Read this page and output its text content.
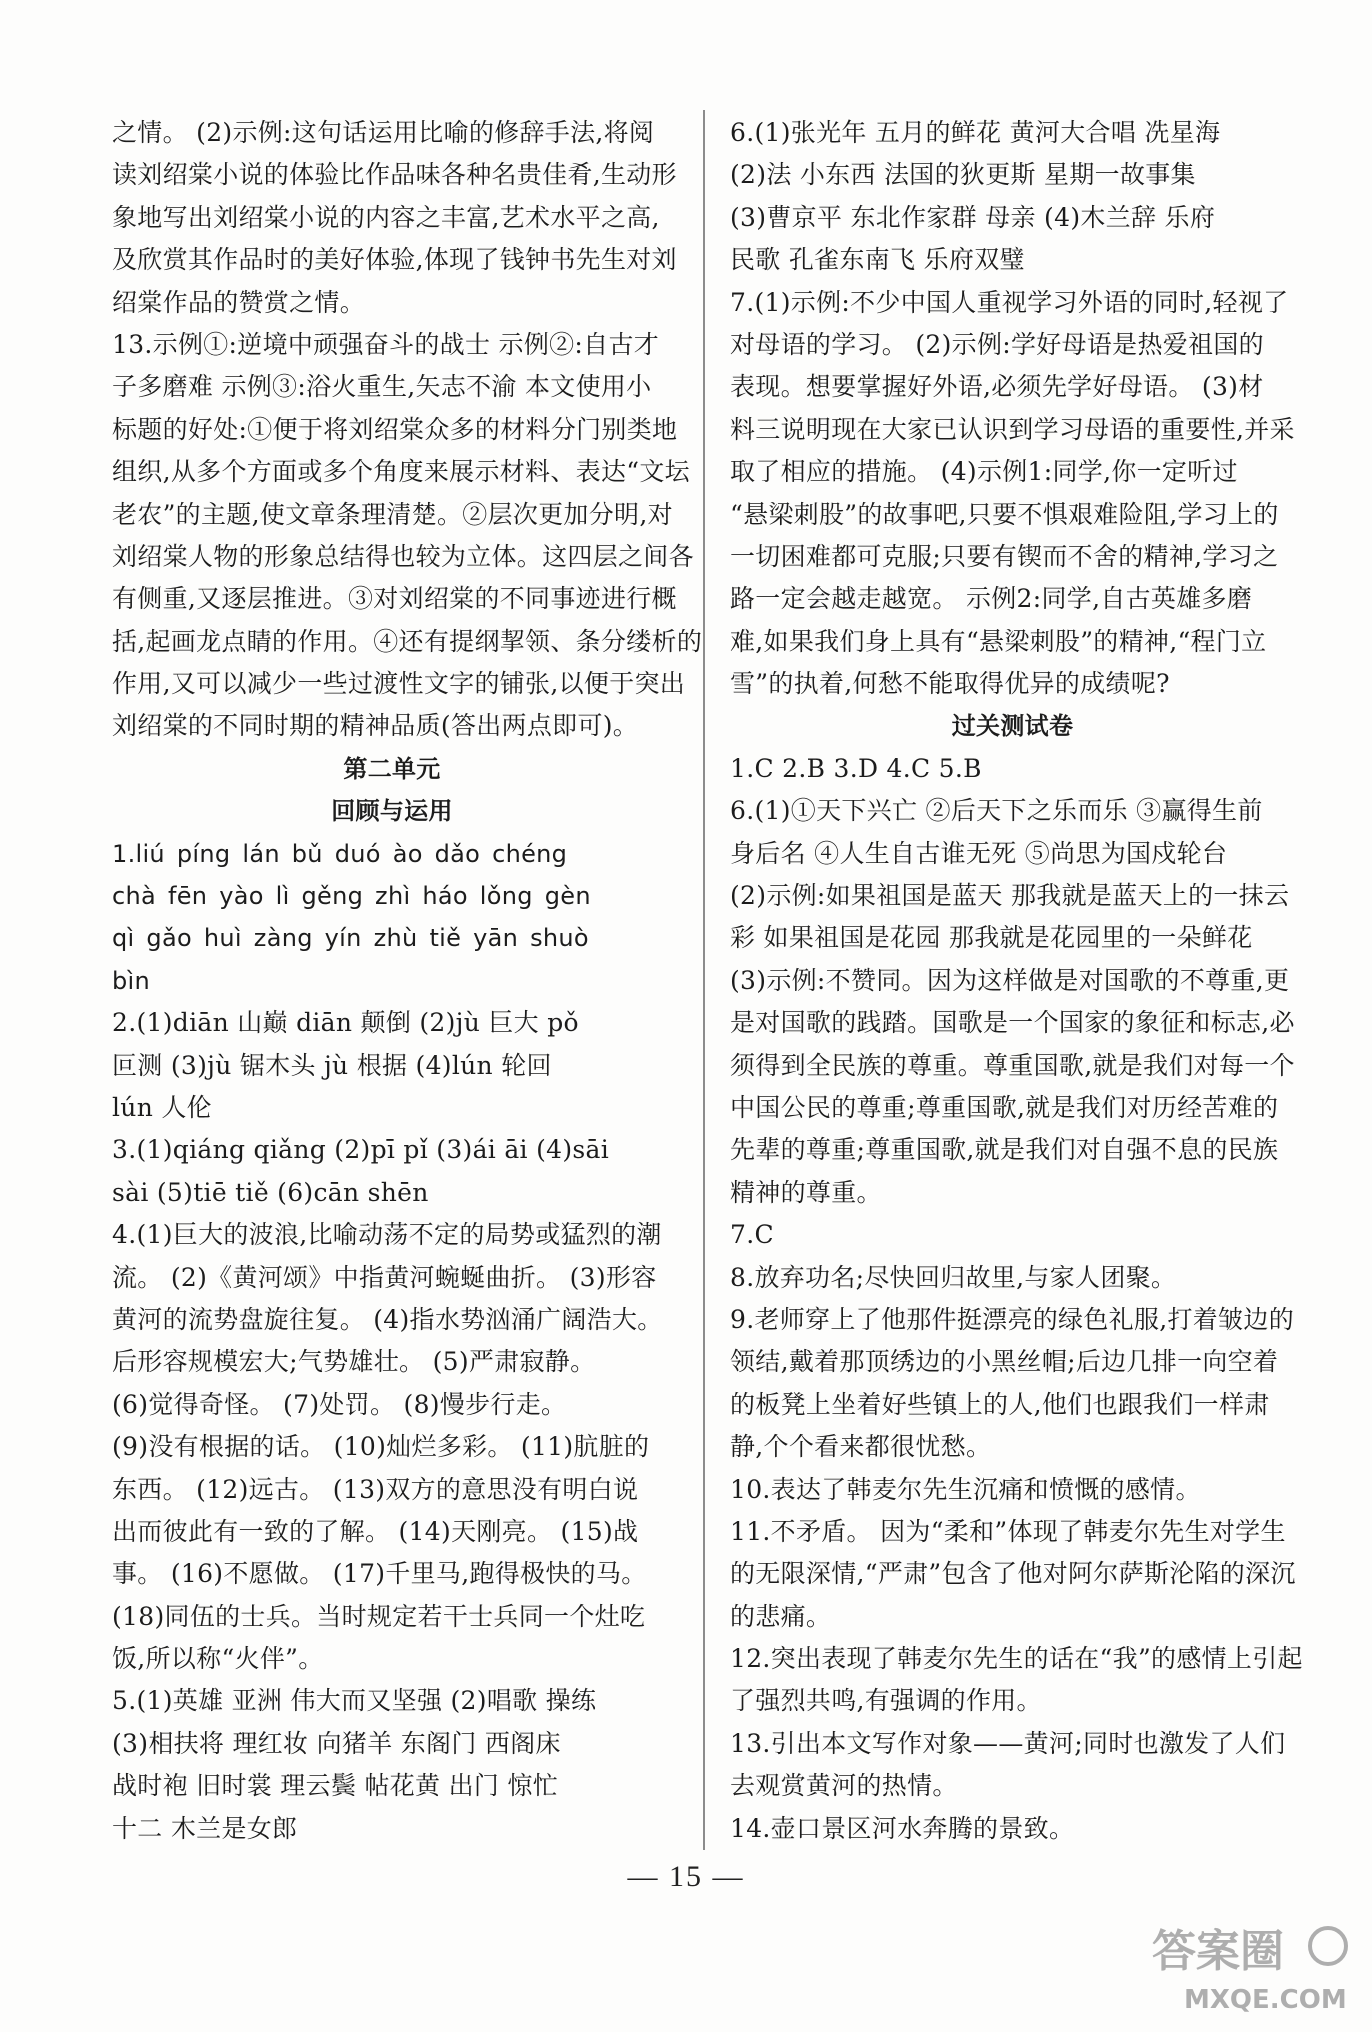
之情。 (2)示例:这句话运用比喻的修辞手法,将阅
读刘绍棠小说的体验比作品味各种名贵佳肴,生动形
象地写出刘绍棠小说的内容之丰富,艺术水平之高,
及欣赏其作品时的美好体验,体现了钱钟书先生对刘
绍棠作品的赞赏之情。
13.示例①:逆境中顽强奋斗的战士 示例②:自古才
子多磨难 示例③:浴火重生,矢志不渝 本文使用小
标题的好处:①便于将刘绍棠众多的材料分门别类地
组织,从多个方面或多个角度来展示材料、表达“文坛
老农”的主题,使文章条理清楚。②层次更加分明,对
刘绍棠人物的形象总结得也较为立体。这四层之间各
有侧重,又逐层推进。③对刘绍棠的不同事迹进行概
括,起画龙点睛的作用。④还有提纲挈领、条分缕析的
作用,又可以减少一些过渡性文字的铺张,以便于突出
刘绍棠的不同时期的精神品质(答出两点即可)。
第二单元
回顾与运用
1.liú píng lán bǔ duó ào dǎo chéng
chà fēn yào lì gěng zhì háo lǒng gèn
qì gǎo huì zàng yín zhù tiě yān shuò
bìn
2.(1)diān 山巅 diān 颠倒 (2)jù 巨大 pǒ
叵测 (3)jù 锯木头 jù 根据 (4)lún 轮回
lún 人伦
3.(1)qiáng qiǎng (2)pī pǐ (3)ái āi (4)sāi
sài (5)tiē tiě (6)cān shēn
4.(1)巨大的波浪,比喻动荡不定的局势或猛烈的潮
流。 (2)《黄河颂》中指黄河蜿蜒曲折。 (3)形容
黄河的流势盘旋往复。 (4)指水势汹涌广阔浩大。
后形容规模宏大;气势雄壮。 (5)严肃寂静。
(6)觉得奇怪。 (7)处罚。 (8)慢步行走。
(9)没有根据的话。 (10)灿烂多彩。 (11)肮脏的
东西。 (12)远古。 (13)双方的意思没有明白说
出而彼此有一致的了解。 (14)天刚亮。 (15)战
事。 (16)不愿做。 (17)千里马,跑得极快的马。
(18)同伍的士兵。当时规定若干士兵同一个灶吃
饭,所以称“火伴”。
5.(1)英雄 亚洲 伟大而又坚强 (2)唱歌 操练
(3)相扶将 理红妆 向猪羊 东阁门 西阁床
战时袍 旧时裳 理云鬓 帖花黄 出门 惊忙
十二 木兰是女郎
6.(1)张光年 五月的鲜花 黄河大合唱 冼星海
(2)法 小东西 法国的狄更斯 星期一故事集
(3)曹京平 东北作家群 母亲 (4)木兰辞 乐府
民歌 孔雀东南飞 乐府双璧
7.(1)示例:不少中国人重视学习外语的同时,轻视了
对母语的学习。 (2)示例:学好母语是热爱祖国的
表现。想要掌握好外语,必须先学好母语。 (3)材
料三说明现在大家已认识到学习母语的重要性,并采
取了相应的措施。 (4)示例1:同学,你一定听过
“悬梁刺股”的故事吧,只要不惧艰难险阻,学习上的
一切困难都可克服;只要有锲而不舍的精神,学习之
路一定会越走越宽。 示例2:同学,自古英雄多磨
难,如果我们身上具有“悬梁刺股”的精神,“程门立
雪”的执着,何愁不能取得优异的成绩呢?
过关测试卷
1.C 2.B 3.D 4.C 5.B
6.(1)①天下兴亡 ②后天下之乐而乐 ③赢得生前
身后名 ④人生自古谁无死 ⑤尚思为国戍轮台
(2)示例:如果祖国是蓝天 那我就是蓝天上的一抹云
彩 如果祖国是花园 那我就是花园里的一朵鲜花
(3)示例:不赞同。因为这样做是对国歌的不尊重,更
是对国歌的践踏。国歌是一个国家的象征和标志,必
须得到全民族的尊重。尊重国歌,就是我们对每一个
中国公民的尊重;尊重国歌,就是我们对历经苦难的
先辈的尊重;尊重国歌,就是我们对自强不息的民族
精神的尊重。
7.C
8.放弃功名;尽快回归故里,与家人团聚。
9.老师穿上了他那件挺漂亮的绿色礼服,打着皱边的
领结,戴着那顶绣边的小黑丝帽;后边几排一向空着
的板凳上坐着好些镇上的人,他们也跟我们一样肃
静,个个看来都很忧愁。
10.表达了韩麦尔先生沉痛和愤慨的感情。
11.不矛盾。 因为“柔和”体现了韩麦尔先生对学生
的无限深情,“严肃”包含了他对阿尔萨斯沦陷的深沉
的悲痛。
12.突出表现了韩麦尔先生的话在“我”的感情上引起
了强烈共鸣,有强调的作用。
13.引出本文写作对象——黄河;同时也激发了人们
去观赏黄河的热情。
14.壶口景区河水奔腾的景致。
— 15 —
答案圈
MXQE.COM
